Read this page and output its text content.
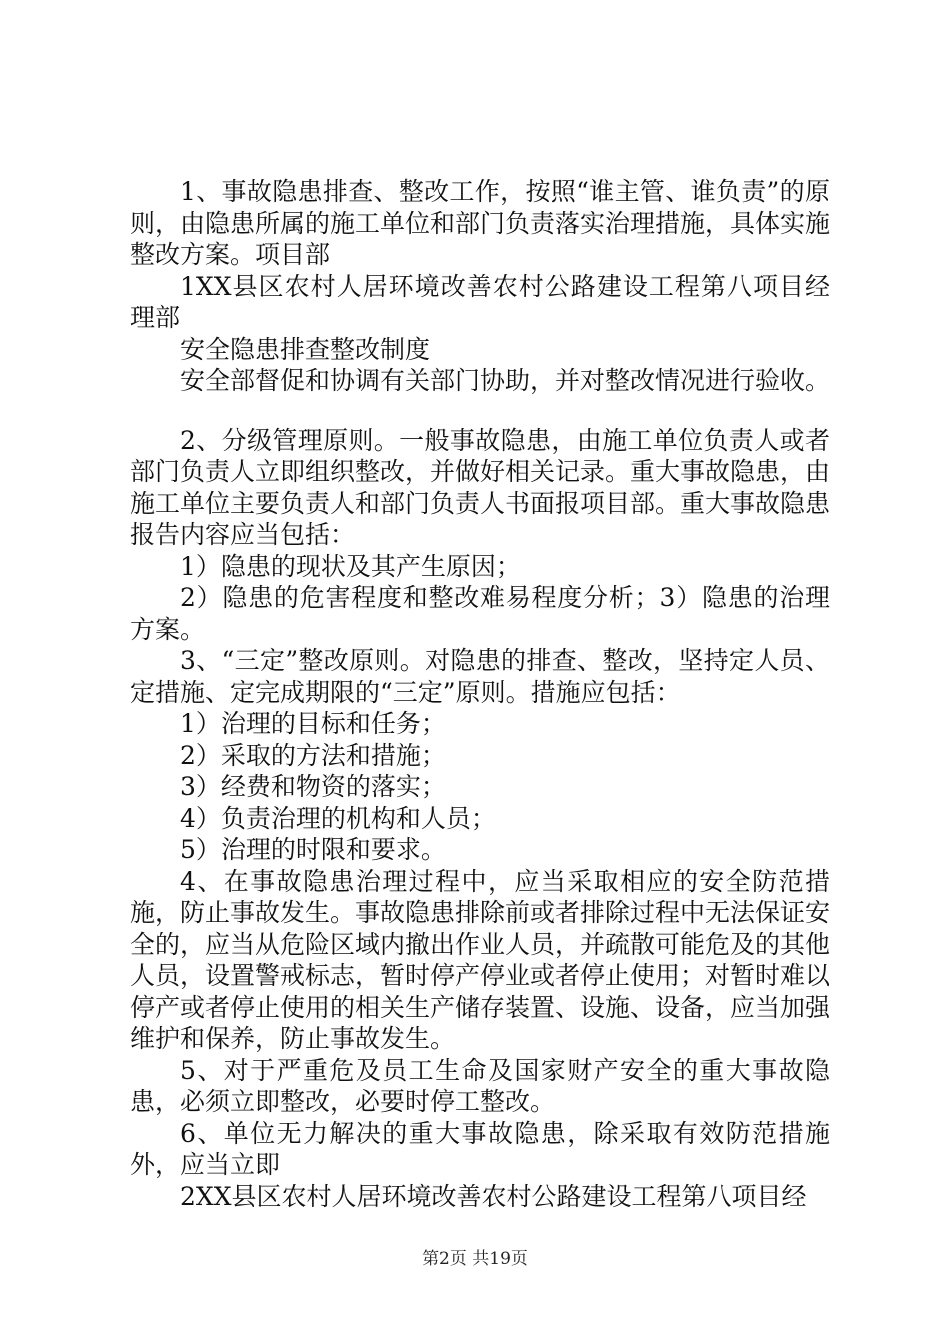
1、事故隐患排查、整改工作，按照“谁主管、谁负责”的原则，由隐患所属的施工单位和部门负责落实治理措施，具体实施整改方案。项目部

1XX县区农村人居环境改善农村公路建设工程第八项目经理部

安全隐患排查整改制度

安全部督促和协调有关部门协助，并对整改情况进行验收。

2、分级管理原则。一般事故隐患，由施工单位负责人或者部门负责人立即组织整改，并做好相关记录。重大事故隐患，由施工单位主要负责人和部门负责人书面报项目部。重大事故隐患报告内容应当包括：

1）隐患的现状及其产生原因；

2）隐患的危害程度和整改难易程度分析；3）隐患的治理方案。

3、“三定”整改原则。对隐患的排查、整改，坚持定人员、定措施、定完成期限的“三定”原则。措施应包括：

1）治理的目标和任务；

2）采取的方法和措施；

3）经费和物资的落实；

4）负责治理的机构和人员；

5）治理的时限和要求。

4、在事故隐患治理过程中，应当采取相应的安全防范措施，防止事故发生。事故隐患排除前或者排除过程中无法保证安全的，应当从危险区域内撤出作业人员，并疏散可能危及的其他人员，设置警戒标志，暂时停产停业或者停止使用；对暂时难以停产或者停止使用的相关生产储存装置、设施、设备，应当加强维护和保养，防止事故发生。

5、对于严重危及员工生命及国家财产安全的重大事故隐患，必须立即整改，必要时停工整改。

6、单位无力解决的重大事故隐患，除采取有效防范措施外，应当立即

2XX县区农村人居环境改善农村公路建设工程第八项目经

第2页 共19页
